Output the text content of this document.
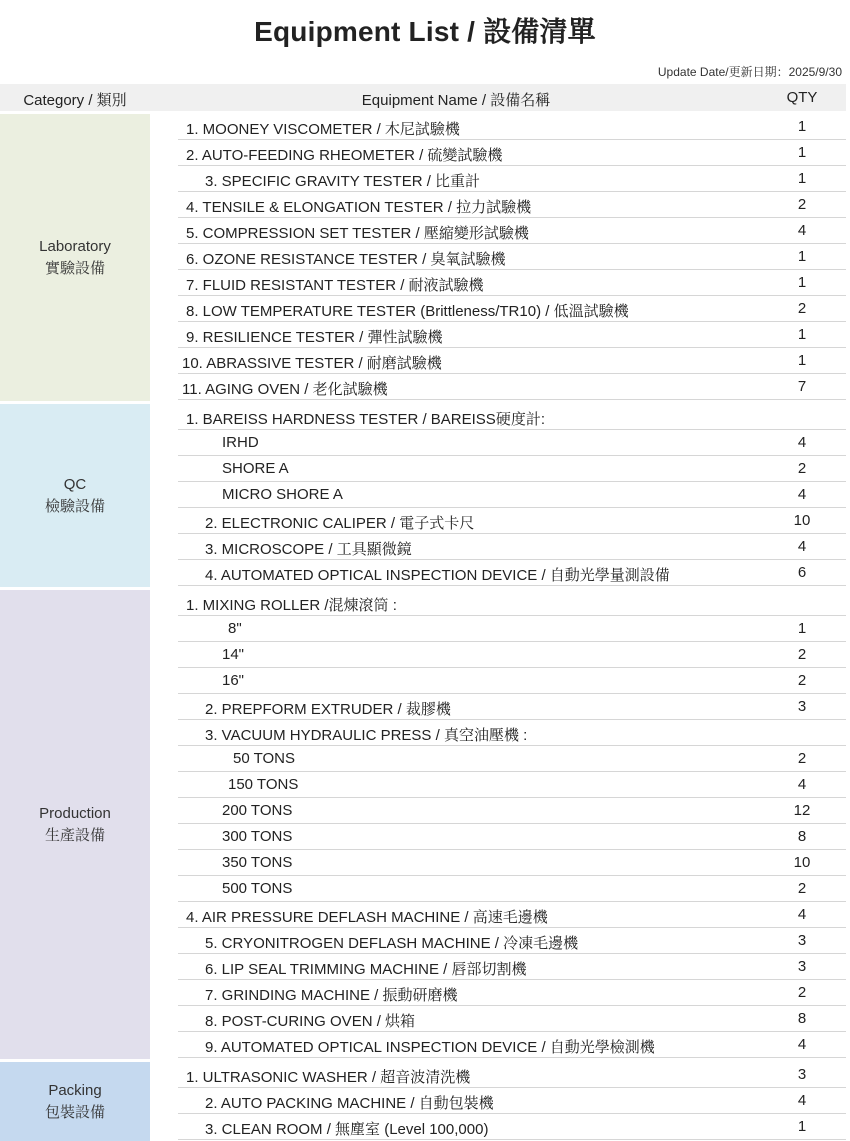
Equipment List / 設備清單
Update Date/更新日期：2025/9/30
Category / 類別	Equipment Name / 設備名稱	QTY
Laboratory
實驗設備
1. MOONEY VISCOMETER / 木尼試驗機	1
2. AUTO-FEEDING RHEOMETER / 硫變試驗機	1
3. SPECIFIC GRAVITY TESTER / 比重計	1
4. TENSILE & ELONGATION TESTER / 拉力試驗機	2
5. COMPRESSION SET TESTER / 壓縮變形試驗機	4
6. OZONE RESISTANCE TESTER / 臭氧試驗機	1
7. FLUID RESISTANT TESTER / 耐液試驗機	1
8. LOW TEMPERATURE TESTER (Brittleness/TR10) / 低溫試驗機	2
9. RESILIENCE TESTER / 彈性試驗機	1
10. ABRASSIVE TESTER / 耐磨試驗機	1
11. AGING OVEN / 老化試驗機	7
QC
檢驗設備
1. BAREISS HARDNESS TESTER / BAREISS硬度計:
IRHD	4
SHORE A	2
MICRO SHORE A	4
2. ELECTRONIC CALIPER / 電子式卡尺	10
3. MICROSCOPE / 工具顯微鏡	4
4. AUTOMATED OPTICAL INSPECTION DEVICE / 自動光學量測設備	6
Production
生產設備
1. MIXING ROLLER /混煉滾筒 :
8"	1
14"	2
16"	2
2. PREPFORM EXTRUDER / 裁膠機	3
3. VACUUM HYDRAULIC PRESS / 真空油壓機 :
50 TONS	2
150 TONS	4
200 TONS	12
300 TONS	8
350 TONS	10
500 TONS	2
4. AIR PRESSURE DEFLASH MACHINE / 高速毛邊機	4
5. CRYONITROGEN DEFLASH MACHINE / 冷凍毛邊機	3
6. LIP SEAL TRIMMING MACHINE / 唇部切割機	3
7. GRINDING MACHINE / 振動研磨機	2
8. POST-CURING OVEN / 烘箱	8
9. AUTOMATED OPTICAL INSPECTION DEVICE / 自動光學檢測機	4
Packing
包裝設備
1. ULTRASONIC WASHER / 超音波清洗機	3
2. AUTO PACKING MACHINE / 自動包裝機	4
3. CLEAN ROOM / 無塵室 (Level 100,000)	1
